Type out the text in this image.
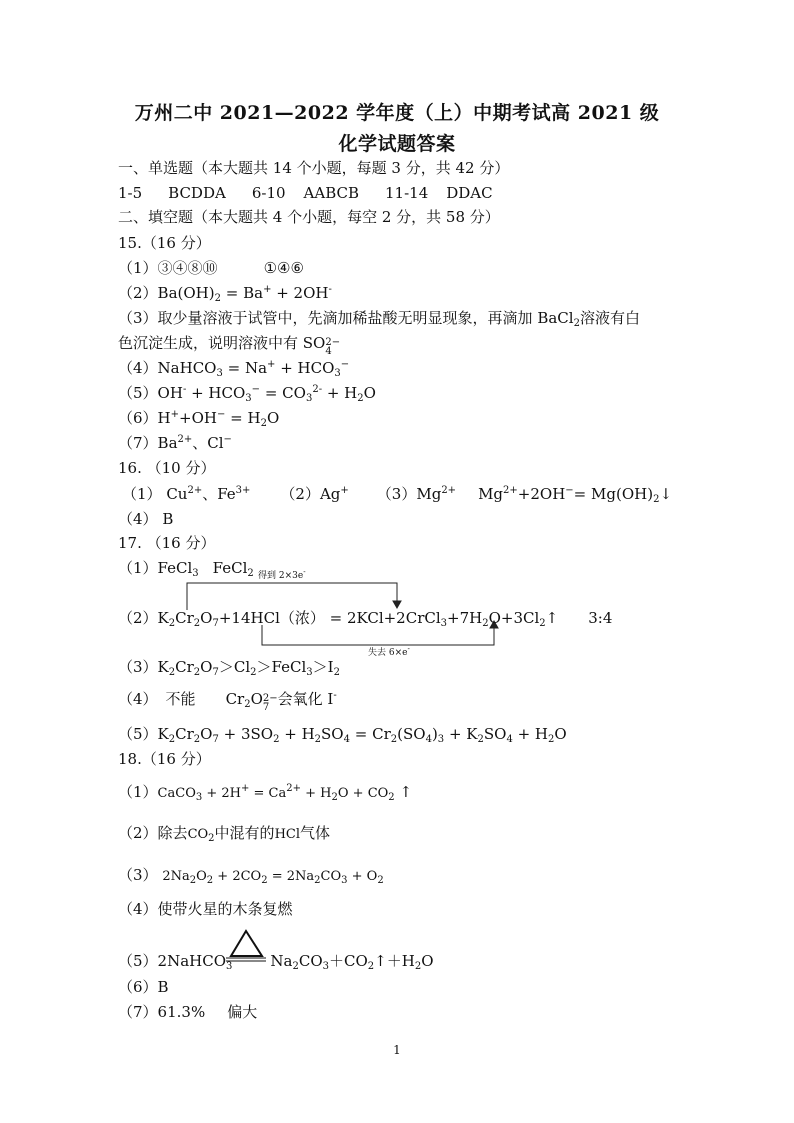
万州二中 2021—2022 学年度（上）中期考试高 2021 级
化学试题答案
一、单选题（本大题共 14 个小题，每题 3 分，共 42 分）
1-5 BCDDA 6-10 AABCB 11-14 DDAC
二、填空题（本大题共 4 个小题，每空 2 分，共 58 分）
15.（16 分）
（1）③④⑧⑩	①④⑥
$(2)Ba(OH)_2 = Ba^+ + 2OH^-$
（3）取少量溶液于试管中，先滴加稀盐酸无明显现象，再滴加 BaCl$_2$溶液有白
色沉淀生成，说明溶液中有 SO 2−
4
（4）NaHCO$_3$ = $Na^+ + HCO_3^-$
$(5)OH^- + HCO_3^- = CO_3^{2-} + H_2O$
$(6)H^++OH^- = H_2O$
$(7)Ba^{2+}$、Cl−
16. （10 分）
（1） $Cu^{2+}$、$Fe^{3+}$ （2）Ag+ $(3)Mg^{2+}$ $Mg^{2+}+2OH^-=$ $Mg(OH)_2↓$
（4） B
17. （16 分）
（1）FeCl$_3$ FeCl$_2$ 得到 2×3e-
失去 6×e-
$(2)K_2Cr_2O_7+14HCl$（浓） = $2KCl+2CrCl_3+7H_2O+3Cl_2↑$ 3:4
$(3)K_2Cr_2O_7>Cl_2>FeCl_3>I_2$
（4） 不能 $Cr_2O$ 2−
7 会氧化 I-
$(5)K_2Cr_2O_7 + 3SO_2 + H_2SO_4 = Cr_2(SO_4)_3 + K_2SO_4 + H_2O$
18.（16 分）
（1）CaCO$_3$ + $2H^+ = Ca^{2+} + H_2O + CO_2$ ↑
（2）除去$CO_2$中混有的HCl气体
（3） $2Na_2O_2 + 2CO_2 = 2Na_2CO_3 + O_2$
（4）使带火星的木条复燃
（5）2NaHCO$_3$	$Na_2CO_3+CO_2↑+H_2O$
（6）B
（7）61.3% 偏大
1
